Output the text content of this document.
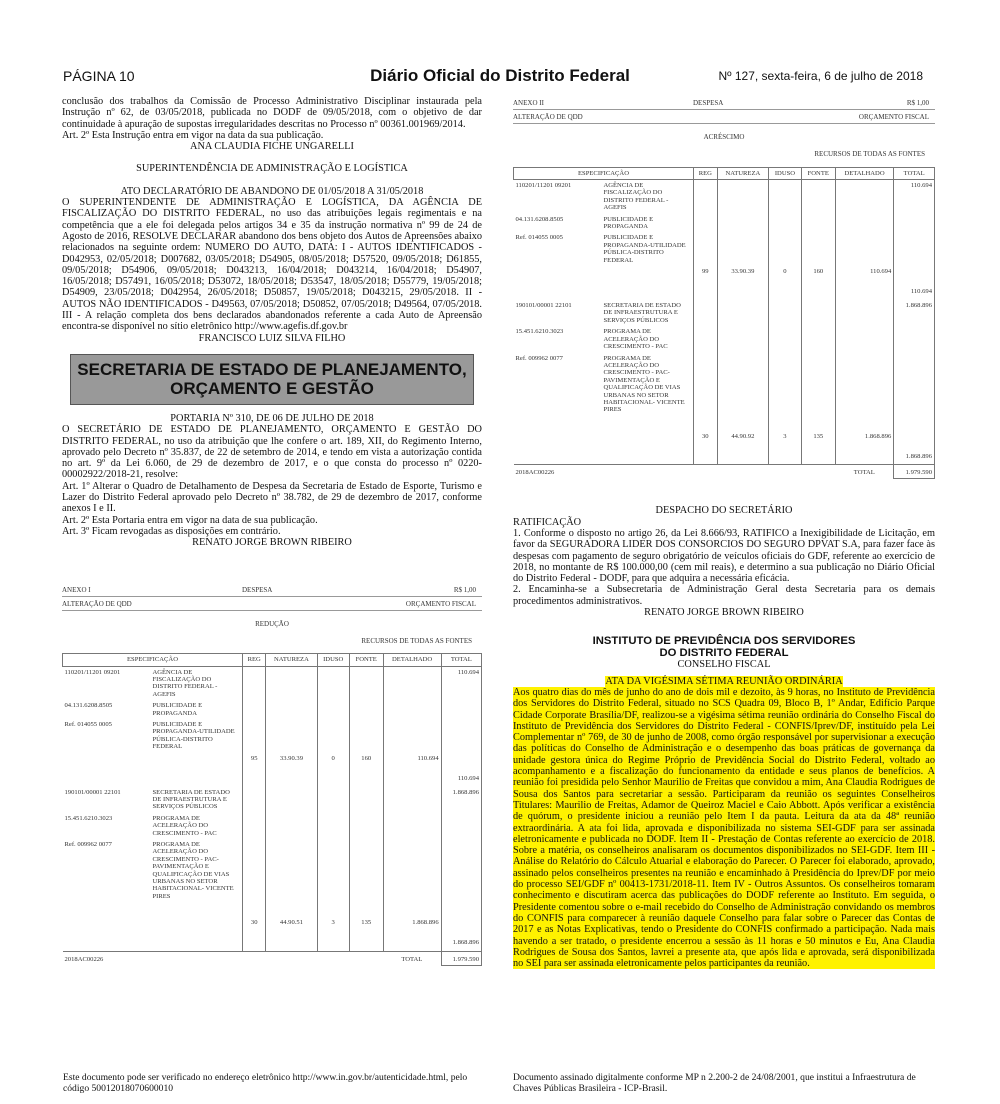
PÁGINA 10	Diário Oficial do Distrito Federal	Nº 127, sexta-feira, 6 de julho de 2018
conclusão dos trabalhos da Comissão de Processo Administrativo Disciplinar instaurada pela Instrução nº 62, de 03/05/2018, publicada no DODF de 09/05/2018, com o objetivo de dar continuidade à apuração de supostas irregularidades descritas no Processo nº 00361.001969/2014.
Art. 2º Esta Instrução entra em vigor na data da sua publicação.
ANA CLAUDIA FICHE UNGARELLI
SUPERINTENDÊNCIA DE ADMINISTRAÇÃO E LOGÍSTICA
ATO DECLARATÓRIO DE ABANDONO DE 01/05/2018 A 31/05/2018
O SUPERINTENDENTE DE ADMINISTRAÇÃO E LOGÍSTICA, DA AGÊNCIA DE FISCALIZAÇÃO DO DISTRITO FEDERAL, no uso das atribuições legais regimentais e na competência que a ele foi delegada pelos artigos 34 e 35 da instrução normativa nº 99 de 24 de Agosto de 2016, RESOLVE DECLARAR abandono dos bens objeto dos Autos de Apreensões abaixo relacionados na seguinte ordem: NUMERO DO AUTO, DATA: I - AUTOS IDENTIFICADOS - D042953, 02/05/2018; D007682, 03/05/2018; D54905, 08/05/2018; D57520, 09/05/2018; D61855, 09/05/2018; D54906, 09/05/2018; D043213, 16/04/2018; D043214, 16/04/2018; D54907, 16/05/2018; D57491, 16/05/2018; D53072, 18/05/2018; D53547, 18/05/2018; D55779, 19/05/2018; D54909, 23/05/2018; D042954, 26/05/2018; D50857, 19/05/2018; D043215, 29/05/2018. II - AUTOS NÃO IDENTIFICADOS - D49563, 07/05/2018; D50852, 07/05/2018; D49564, 07/05/2018. III - A relação completa dos bens declarados abandonados referente a cada Auto de Apreensão encontra-se disponível no sítio eletrônico http://www.agefis.df.gov.br
FRANCISCO LUIZ SILVA FILHO
SECRETARIA DE ESTADO DE PLANEJAMENTO,
ORÇAMENTO E GESTÃO
PORTARIA Nº 310, DE 06 DE JULHO DE 2018
O SECRETÁRIO DE ESTADO DE PLANEJAMENTO, ORÇAMENTO E GESTÃO DO DISTRITO FEDERAL, no uso da atribuição que lhe confere o art. 189, XII, do Regimento Interno, aprovado pelo Decreto nº 35.837, de 22 de setembro de 2014, e tendo em vista a autorização contida no art. 9º da Lei 6.060, de 29 de dezembro de 2017, e o que consta do processo nº 0220-00002922/2018-21, resolve:
Art. 1º Alterar o Quadro de Detalhamento de Despesa da Secretaria de Estado de Esporte, Turismo e Lazer do Distrito Federal aprovado pelo Decreto nº 38.782, de 29 de dezembro de 2017, conforme anexos I e II.
Art. 2º Esta Portaria entra em vigor na data de sua publicação.
Art. 3º Ficam revogadas as disposições em contrário.
RENATO JORGE BROWN RIBEIRO
ANEXO I	DESPESA	R$ 1,00
ALTERAÇÃO DE QDD	ORÇAMENTO FISCAL
REDUÇÃO
RECURSOS DE TODAS AS FONTES
ESPECIFICAÇÃO		REG	NATUREZA	IDUSO	FONTE	DETALHADO	TOTAL
110201/11201 09201	AGÊNCIA DE FISCALIZAÇÃO DO DISTRITO FEDERAL - AGEFIS						110.694
04.131.6208.8505	PUBLICIDADE E PROPAGANDA						
Ref. 014055 0005	PUBLICIDADE E PROPAGANDA-UTILIDADE PÚBLICA-DISTRITO FEDERAL						
		95	33.90.39	0	160	110.694	110.694
190101/00001 22101	SECRETARIA DE ESTADO DE INFRAESTRUTURA E SERVIÇOS PÚBLICOS						1.868.896
15.451.6210.3023	PROGRAMA DE ACELERAÇÃO DO CRESCIMENTO - PAC						
Ref. 009962 0077	PROGRAMA DE ACELERAÇÃO DO CRESCIMENTO - PAC-PAVIMENTAÇÃO E QUALIFICAÇÃO DE VIAS URBANAS NO SETOR HABITACIONAL- VICENTE PIRES						
		30	44.90.51	3	135	1.868.896	1.868.896
2018AC00226						TOTAL	1.979.590
ANEXO II	DESPESA	R$ 1,00
ALTERAÇÃO DE QDD	ORÇAMENTO FISCAL
ACRÉSCIMO
RECURSOS DE TODAS AS FONTES
ESPECIFICAÇÃO		REG	NATUREZA	IDUSO	FONTE	DETALHADO	TOTAL
110201/11201 09201	AGÊNCIA DE FISCALIZAÇÃO DO DISTRITO FEDERAL - AGEFIS						110.694
04.131.6208.8505	PUBLICIDADE E PROPAGANDA						
Ref. 014055 0005	PUBLICIDADE E PROPAGANDA-UTILIDADE PÚBLICA-DISTRITO FEDERAL						
		99	33.90.39	0	160	110.694	110.694
190101/00001 22101	SECRETARIA DE ESTADO DE INFRAESTRUTURA E SERVIÇOS PÚBLICOS						1.868.896
15.451.6210.3023	PROGRAMA DE ACELERAÇÃO DO CRESCIMENTO - PAC						
Ref. 009962 0077	PROGRAMA DE ACELERAÇÃO DO CRESCIMENTO - PAC-PAVIMENTAÇÃO E QUALIFICAÇÃO DE VIAS URBANAS NO SETOR HABITACIONAL- VICENTE PIRES						
		30	44.90.92	3	135	1.868.896	1.868.896
2018AC00226						TOTAL	1.979.590
DESPACHO DO SECRETÁRIO
RATIFICAÇÃO
1. Conforme o disposto no artigo 26, da Lei 8.666/93, RATIFICO a Inexigibilidade de Licitação, em favor da SEGURADORA LIDER DOS CONSORCIOS DO SEGURO DPVAT S.A, para fazer face às despesas com pagamento de seguro obrigatório de veículos oficiais do GDF, referente ao exercício de 2018, no montante de R$ 100.000,00 (cem mil reais), e determino a sua publicação no Diário Oficial do Distrito Federal - DODF, para que adquira a necessária eficácia.
2. Encaminha-se a Subsecretaria de Administração Geral desta Secretaria para os demais procedimentos administrativos.
RENATO JORGE BROWN RIBEIRO
INSTITUTO DE PREVIDÊNCIA DOS SERVIDORES
DO DISTRITO FEDERAL
CONSELHO FISCAL
ATA DA VIGÉSIMA SÉTIMA REUNIÃO ORDINÁRIA
Aos quatro dias do mês de junho do ano de dois mil e dezoito, às 9 horas, no Instituto de Previdência dos Servidores do Distrito Federal, situado no SCS Quadra 09, Bloco B, 1º Andar, Edifício Parque Cidade Corporate Brasília/DF, realizou-se a vigésima sétima reunião ordinária do Conselho Fiscal do Instituto de Previdência dos Servidores do Distrito Federal - CONFIS/Iprev/DF, instituído pela Lei Complementar nº 769, de 30 de junho de 2008, como órgão responsável por supervisionar a execução das políticas do Conselho de Administração e o desempenho das boas práticas de governança da unidade gestora única do Regime Próprio de Previdência Social do Distrito Federal, voltado ao acompanhamento e a fiscalização do funcionamento da entidade e seus planos de benefícios. A reunião foi presidida pelo Senhor Maurilio de Freitas que convidou a mim, Ana Claudia Rodrigues de Sousa dos Santos para secretariar a sessão. Participaram da reunião os seguintes Conselheiros Titulares: Maurilio de Freitas, Adamor de Queiroz Maciel e Caio Abbott. Após verificar a existência de quórum, o presidente iniciou a reunião pelo Item I da pauta. Leitura da ata da 48ª reunião extraordinária. A ata foi lida, aprovada e disponibilizada no sistema SEI-GDF para ser assinada eletronicamente e publicada no DODF. Item II - Prestação de Contas referente ao exercício de 2018. Sobre a matéria, os conselheiros analisaram os documentos disponibilizados no SEI-GDF. Item III - Análise do Relatório do Cálculo Atuarial e elaboração do Parecer. O Parecer foi elaborado, aprovado, assinado pelos conselheiros presentes na reunião e encaminhado à Presidência do Iprev/DF por meio do processo SEI/GDF nº 00413-1731/2018-11. Item IV - Outros Assuntos. Os conselheiros tomaram conhecimento e discutiram acerca das publicações do DODF referente ao Instituto. Em seguida, o Presidente comentou sobre o e-mail recebido do Conselho de Administração convidando os membros do CONFIS para comparecer à reunião daquele Conselho para falar sobre o Parecer das Contas de 2017 e as Notas Explicativas, tendo o Presidente do CONFIS confirmado a participação. Nada mais havendo a ser tratado, o presidente encerrou a sessão às 11 horas e 50 minutos e Eu, Ana Claudia Rodrigues de Sousa dos Santos, lavrei a presente ata, que após lida e aprovada, será disponibilizada no SEI para ser assinada eletronicamente pelos participantes da reunião.
Este documento pode ser verificado no endereço eletrônico http://www.in.gov.br/autenticidade.html, pelo código 50012018070600010
Documento assinado digitalmente conforme MP n 2.200-2 de 24/08/2001, que institui a Infraestrutura de Chaves Públicas Brasileira - ICP-Brasil.
